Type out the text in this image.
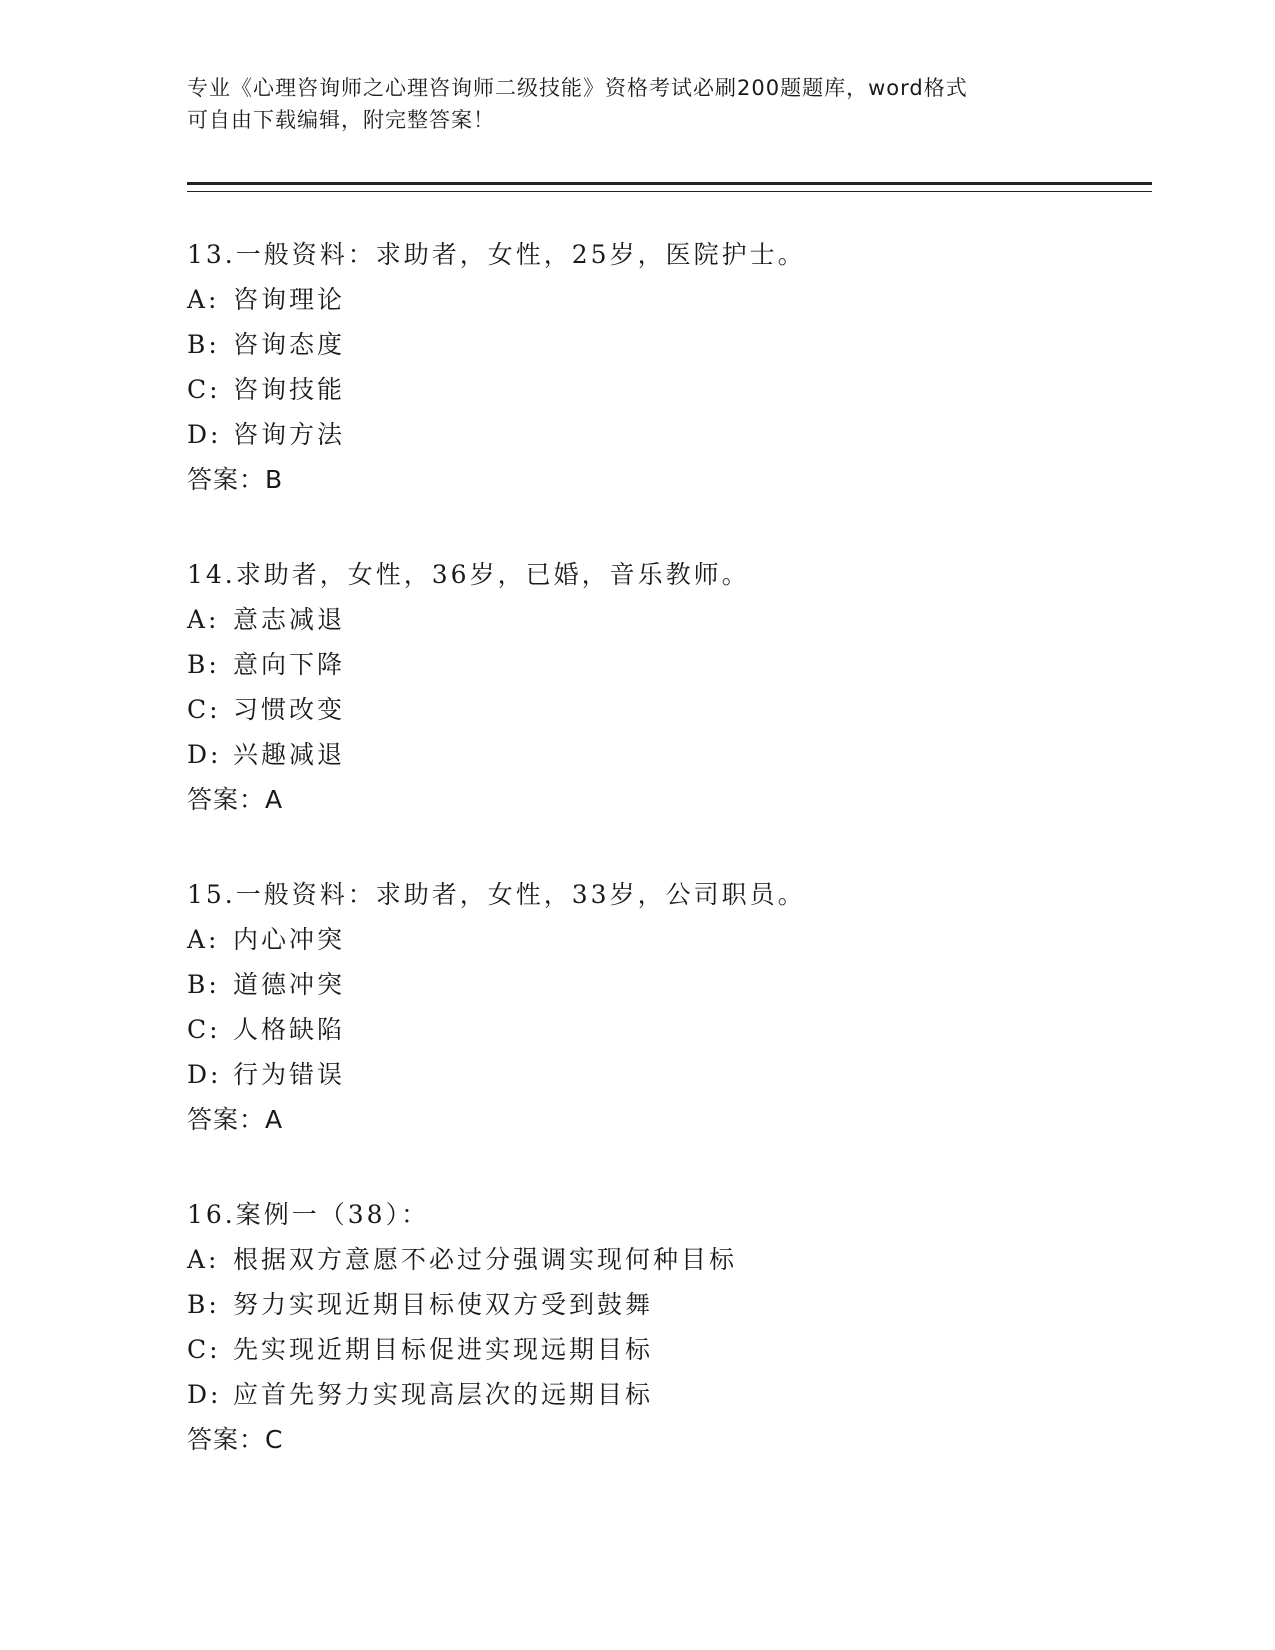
专业《心理咨询师之心理咨询师二级技能》资格考试必刷200题题库，word格式
可自由下载编辑，附完整答案！

13.一般资料：求助者，女性，25岁，医院护士。
A: 咨询理论
B: 咨询态度
C: 咨询技能
D: 咨询方法
答案：B
14.求助者，女性，36岁，已婚，音乐教师。
A: 意志减退
B: 意向下降
C: 习惯改变
D: 兴趣减退
答案：A
15.一般资料：求助者，女性，33岁，公司职员。
A: 内心冲突
B: 道德冲突
C: 人格缺陷
D: 行为错误
答案：A
16.案例一（38）：
A: 根据双方意愿不必过分强调实现何种目标
B: 努力实现近期目标使双方受到鼓舞
C: 先实现近期目标促进实现远期目标
D: 应首先努力实现高层次的远期目标
答案：C
